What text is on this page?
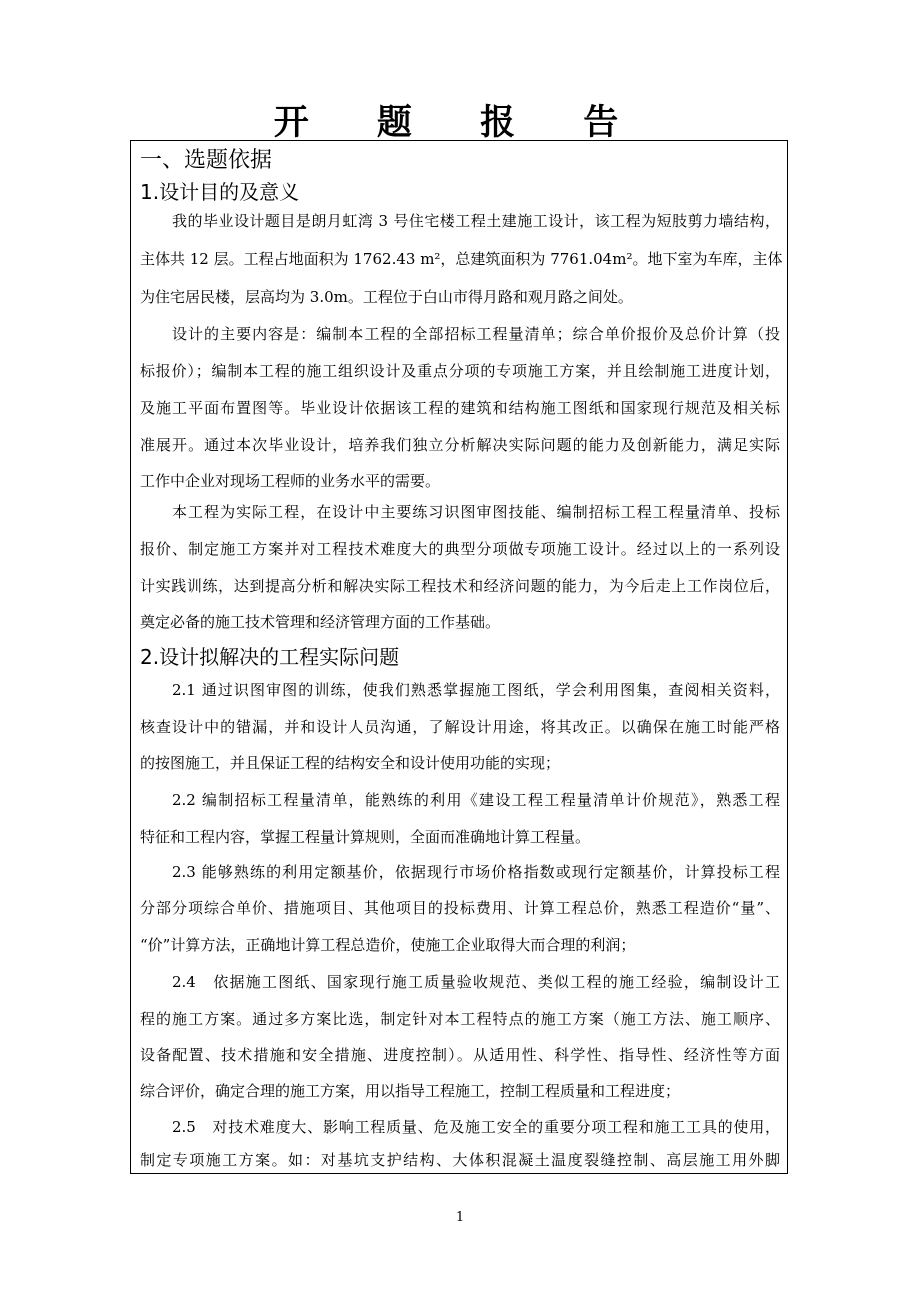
开 题 报 告
一、选题依据
1.设计目的及意义
我的毕业设计题目是朗月虹湾 3 号住宅楼工程土建施工设计，该工程为短肢剪力墙结构，
主体共 12 层。工程占地面积为 1762.43 m²，总建筑面积为 7761.04m²。地下室为车库，主体
为住宅居民楼，层高均为 3.0m。工程位于白山市得月路和观月路之间处。
设计的主要内容是：编制本工程的全部招标工程量清单；综合单价报价及总价计算（投
标报价）；编制本工程的施工组织设计及重点分项的专项施工方案，并且绘制施工进度计划，
及施工平面布置图等。毕业设计依据该工程的建筑和结构施工图纸和国家现行规范及相关标
准展开。通过本次毕业设计，培养我们独立分析解决实际问题的能力及创新能力，满足实际
工作中企业对现场工程师的业务水平的需要。
本工程为实际工程，在设计中主要练习识图审图技能、编制招标工程工程量清单、投标
报价、制定施工方案并对工程技术难度大的典型分项做专项施工设计。经过以上的一系列设
计实践训练，达到提高分析和解决实际工程技术和经济问题的能力，为今后走上工作岗位后，
奠定必备的施工技术管理和经济管理方面的工作基础。
2.设计拟解决的工程实际问题
2.1 通过识图审图的训练，使我们熟悉掌握施工图纸，学会利用图集，查阅相关资料，
核查设计中的错漏，并和设计人员沟通，了解设计用途，将其改正。以确保在施工时能严格
的按图施工，并且保证工程的结构安全和设计使用功能的实现；
2.2 编制招标工程量清单，能熟练的利用《建设工程工程量清单计价规范》，熟悉工程
特征和工程内容，掌握工程量计算规则，全面而准确地计算工程量。
2.3 能够熟练的利用定额基价，依据现行市场价格指数或现行定额基价，计算投标工程
分部分项综合单价、措施项目、其他项目的投标费用、计算工程总价，熟悉工程造价“量”、
“价”计算方法，正确地计算工程总造价，使施工企业取得大而合理的利润；
2.4　依据施工图纸、国家现行施工质量验收规范、类似工程的施工经验，编制设计工
程的施工方案。通过多方案比选，制定针对本工程特点的施工方案（施工方法、施工顺序、
设备配置、技术措施和安全措施、进度控制）。从适用性、科学性、指导性、经济性等方面
综合评价，确定合理的施工方案，用以指导工程施工，控制工程质量和工程进度；
2.5　对技术难度大、影响工程质量、危及施工安全的重要分项工程和施工工具的使用，
制定专项施工方案。如：对基坑支护结构、大体积混凝土温度裂缝控制、高层施工用外脚
1
